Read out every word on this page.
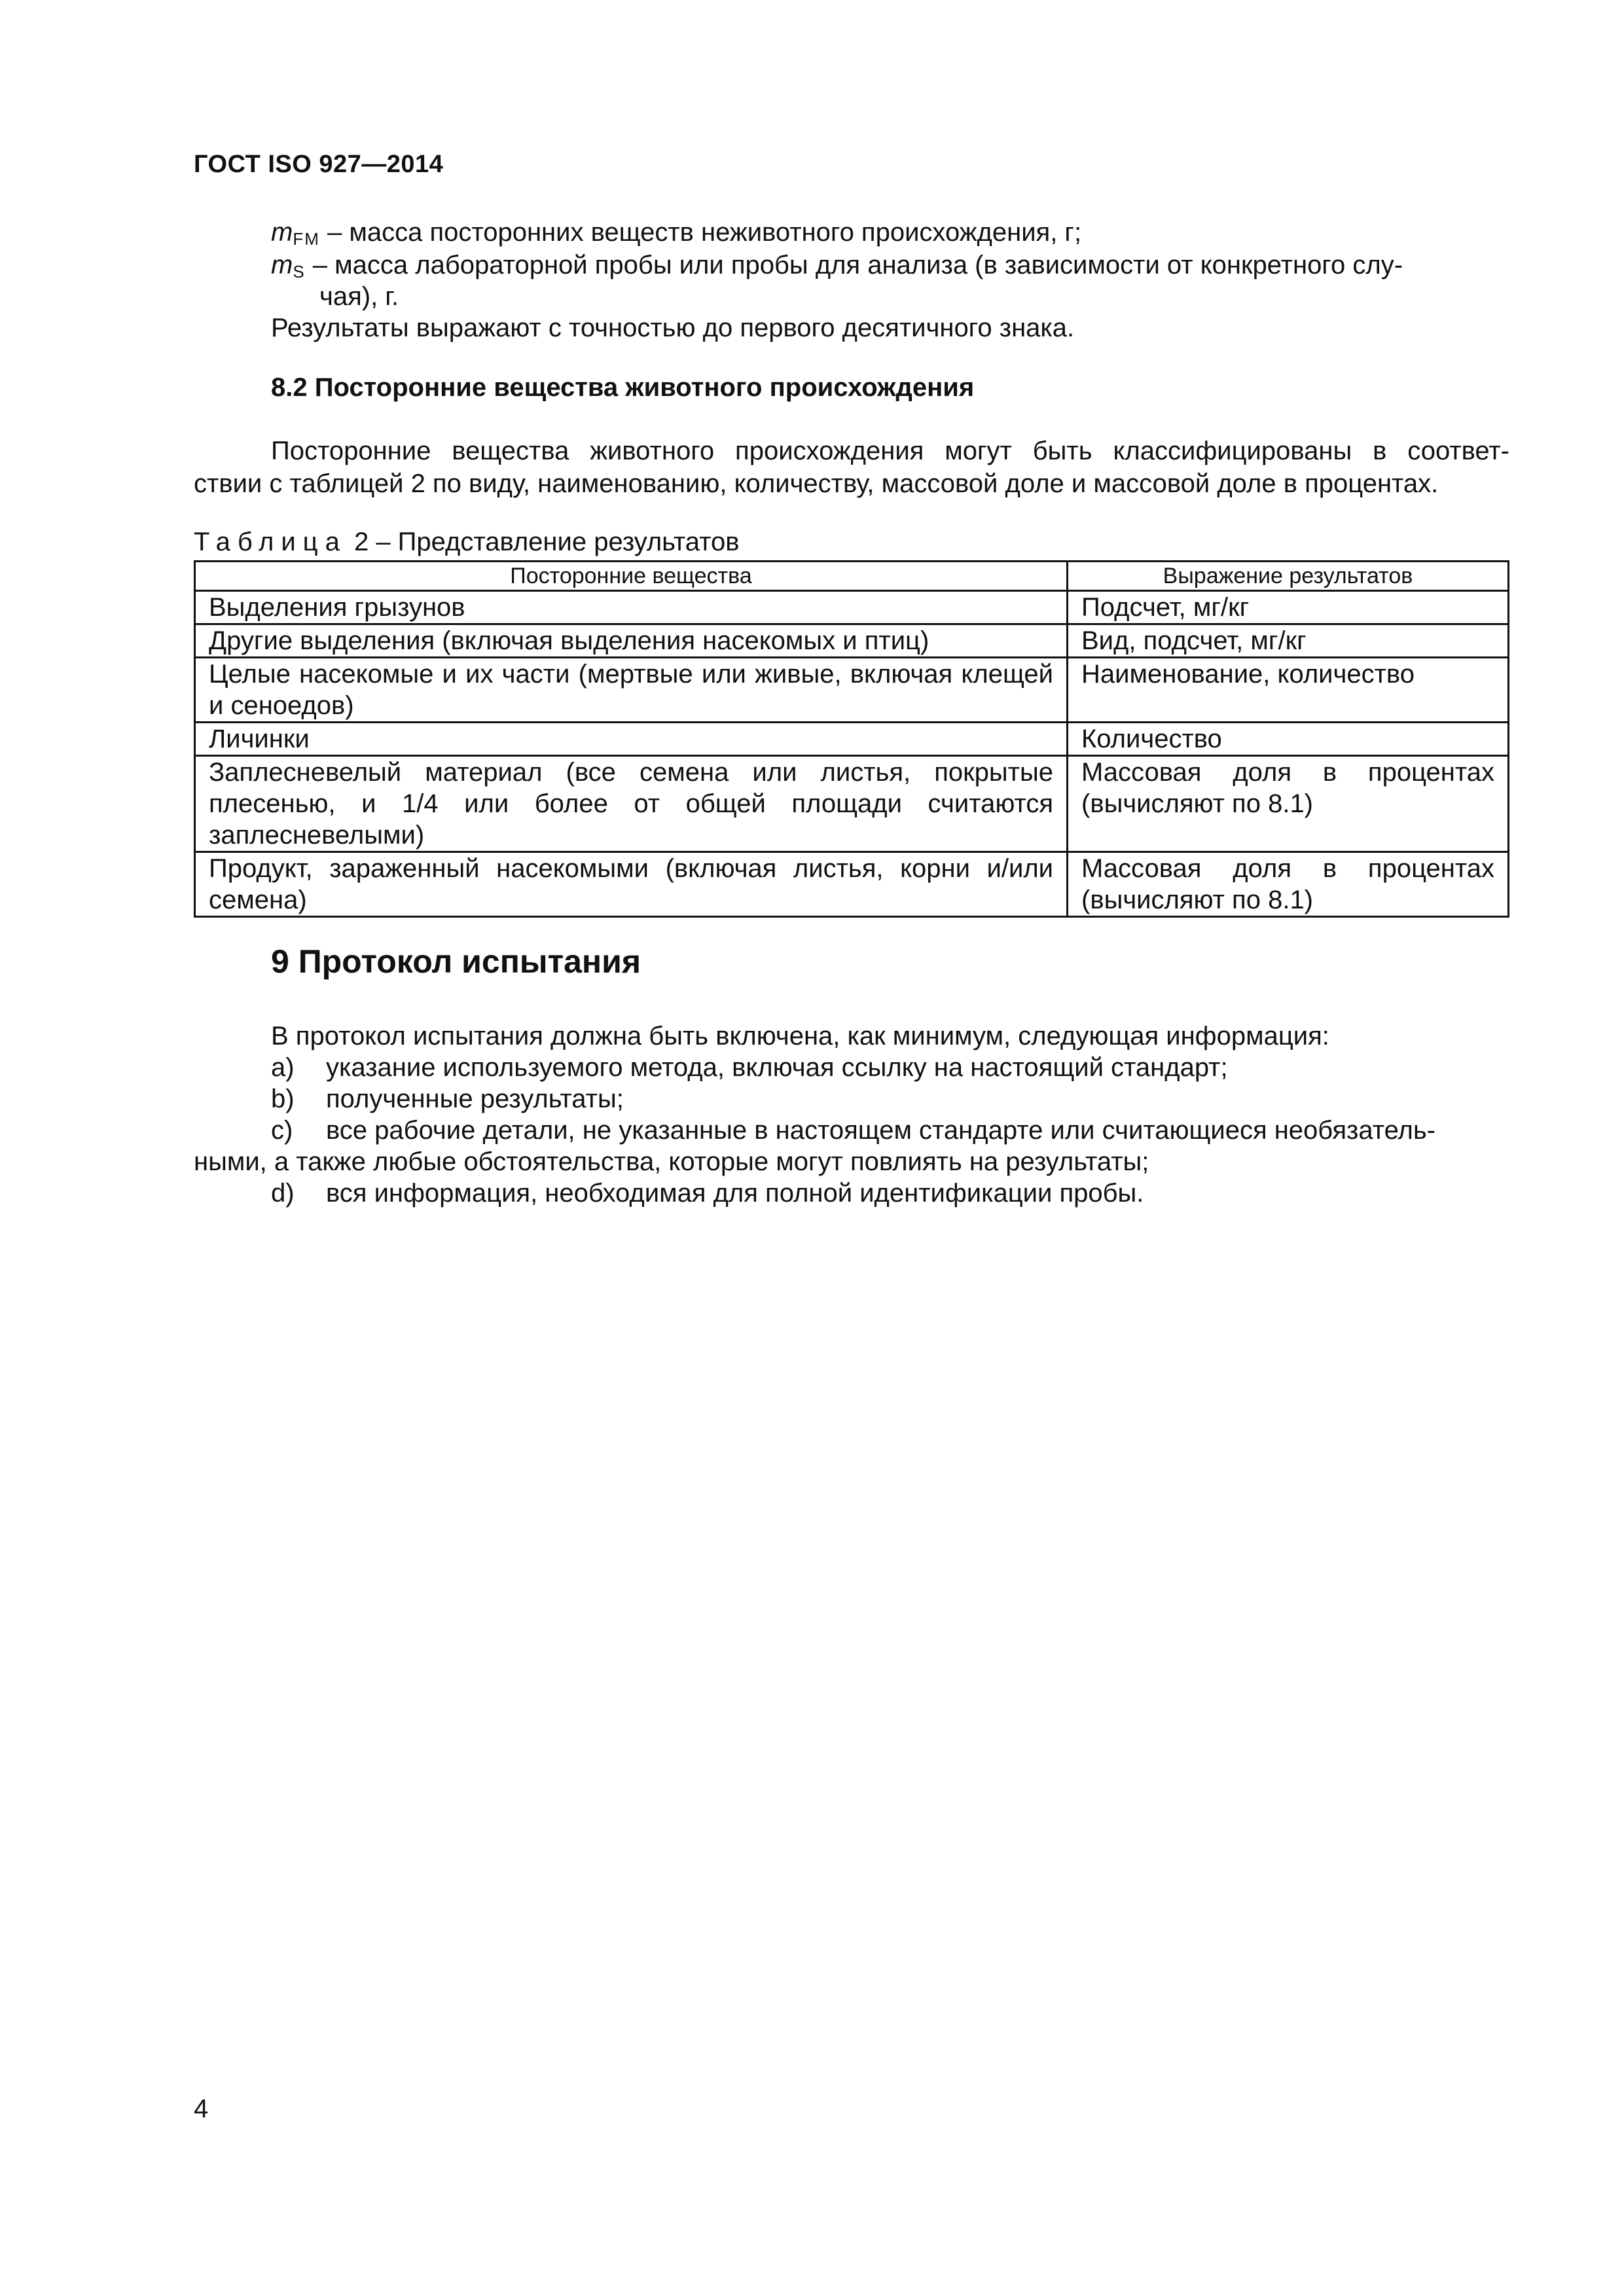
ГОСТ ISO 927—2014
$m_{FM}$ – масса посторонних веществ неживотного происхождения, г;
$m_S$ – масса лабораторной пробы или пробы для анализа (в зависимости от конкретного слу-
чая), г.
Результаты выражают с точностью до первого десятичного знака.
8.2 Посторонние вещества животного происхождения
Посторонние вещества животного происхождения могут быть классифицированы в соответ-
ствии с таблицей 2 по виду, наименованию, количеству, массовой доле и массовой доле в процентах.
Таблица 2 – Представление результатов
Посторонние вещества	Выражение результатов
Выделения грызунов	Подсчет, мг/кг
Другие выделения (включая выделения насекомых и птиц)	Вид, подсчет, мг/кг
Целые насекомые и их части (мертвые или живые, включая клещей и сеноедов)	Наименование, количество
Личинки	Количество
Заплесневелый материал (все семена или листья, покрытые плесенью, и 1/4 или более от общей площади считаются заплесневелыми)	Массовая доля в процентах (вычисляют по 8.1)
Продукт, зараженный насекомыми (включая листья, корни и/или семена)	Массовая доля в процентах (вычисляют по 8.1)
9 Протокол испытания
В протокол испытания должна быть включена, как минимум, следующая информация:
a) указание используемого метода, включая ссылку на настоящий стандарт;
b) полученные результаты;
c) все рабочие детали, не указанные в настоящем стандарте или считающиеся необязатель-
ными, а также любые обстоятельства, которые могут повлиять на результаты;
d) вся информация, необходимая для полной идентификации пробы.
4
